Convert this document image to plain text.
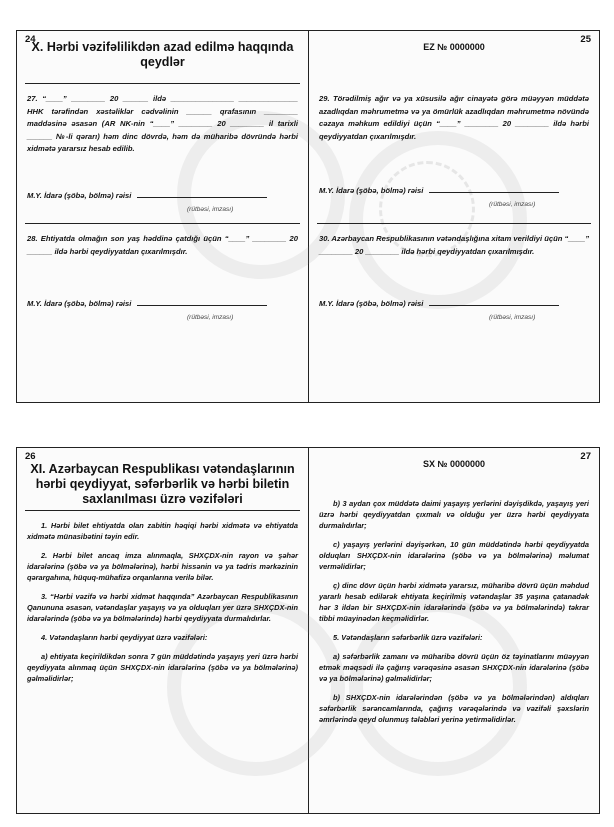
24
X. Hərbi vəzifəlilikdən azad edilmə haqqında qeydlər
27. “____” ________ 20 ______ ildə _______________ ______________ HHK tərəfindən xəstəliklər cədvəlinin ______ qrafasının ________ maddəsinə əsasən (AR NK-nin “____” ________ 20 ________ il tarixli ______ №-li qərarı) həm dinc dövrdə, həm də müharibə dövründə hərbi xidmətə yararsız hesab edilib.
M.Y. İdarə (şöbə, bölmə) rəisi
(rütbəsi, imzası)
28. Ehtiyatda olmağın son yaş həddinə çatdığı üçün “____” ________ 20 ______ ildə hərbi qeydiyyatdan çıxarılmışdır.
M.Y. İdarə (şöbə, bölmə) rəisi
(rütbəsi, imzası)
25
EZ № 0000000
29. Törədilmiş ağır və ya xüsusilə ağır cinayətə görə müəyyən müddətə azadlıqdan məhrumetmə və ya ömürlük azadlıqdan məhrumetmə növündə cəzaya məhkum edildiyi üçün “____” ________ 20 ________ ildə hərbi qeydiyyatdan çıxarılmışdır.
M.Y. İdarə (şöbə, bölmə) rəisi
(rütbəsi, imzası)
30. Azərbaycan Respublikasının vətəndaşlığına xitam verildiyi üçün “____” ________ 20 ________ ildə hərbi qeydiyyatdan çıxarılmışdır.
M.Y. İdarə (şöbə, bölmə) rəisi
(rütbəsi, imzası)
26
XI. Azərbaycan Respublikası vətəndaşlarının hərbi qeydiyyat, səfərbərlik və hərbi biletin saxlanılması üzrə vəzifələri

1. Hərbi bilet ehtiyatda olan zabitin həqiqi hərbi xidmətə və ehtiyatda xidmətə münasibətini təyin edir.

2. Hərbi bilet ancaq imza alınmaqla, SHXÇDX-nin rayon və şəhər idarələrinə (şöbə və ya bölmələrinə), hərbi hissənin və ya tədris mərkəzinin qərargahına, hüquq-mühafizə orqanlarına verilə bilər.

3. “Hərbi vəzifə və hərbi xidmət haqqında” Azərbaycan Respublikasının Qanununa əsasən, vətəndaşlar yaşayış və ya olduqları yer üzrə SHXÇDX-nin idarələrində (şöbə və ya bölmələrində) hərbi qeydiyyata durmalıdırlar.

4. Vətəndaşların hərbi qeydiyyat üzrə vəzifələri:

a) ehtiyata keçirildikdən sonra 7 gün müddətində yaşayış yeri üzrə hərbi qeydiyyata alınmaq üçün SHXÇDX-nin idarələrinə (şöbə və ya bölmələrinə) gəlməlidirlər;

27
SX № 0000000

b) 3 aydan çox müddətə daimi yaşayış yerlərini dəyişdikdə, yaşayış yeri üzrə hərbi qeydiyyatdan çıxmalı və olduğu yer üzrə hərbi qeydiyyata durmalıdırlar;

c) yaşayış yerlərini dəyişərkən, 10 gün müddətində hərbi qeydiyyatda olduqları SHXÇDX-nin idarələrinə (şöbə və ya bölmələrinə) məlumat verməlidirlər;

ç) dinc dövr üçün hərbi xidmətə yararsız, müharibə dövrü üçün məhdud yararlı hesab edilərək ehtiyata keçirilmiş vətəndaşlar 35 yaşına çatanadək hər 3 ildən bir SHXÇDX-nin idarələrində (şöbə və ya bölmələrində) təkrar tibbi müayinədən keçməlidirlər.

5. Vətəndaşların səfərbərlik üzrə vəzifələri:

a) səfərbərlik zamanı və müharibə dövrü üçün öz təyinatlarını müəyyən etmək məqsədi ilə çağırış vərəqəsinə əsasən SHXÇDX-nin idarələrinə (şöbə və ya bölmələrinə) gəlməlidirlər;

b) SHXÇDX-nin idarələrindən (şöbə və ya bölmələrindən) aldıqları səfərbərlik sərəncamlarında, çağırış vərəqələrində və vəzifəli şəxslərin əmrlərində qeyd olunmuş tələbləri yerinə yetirməlidirlər.
